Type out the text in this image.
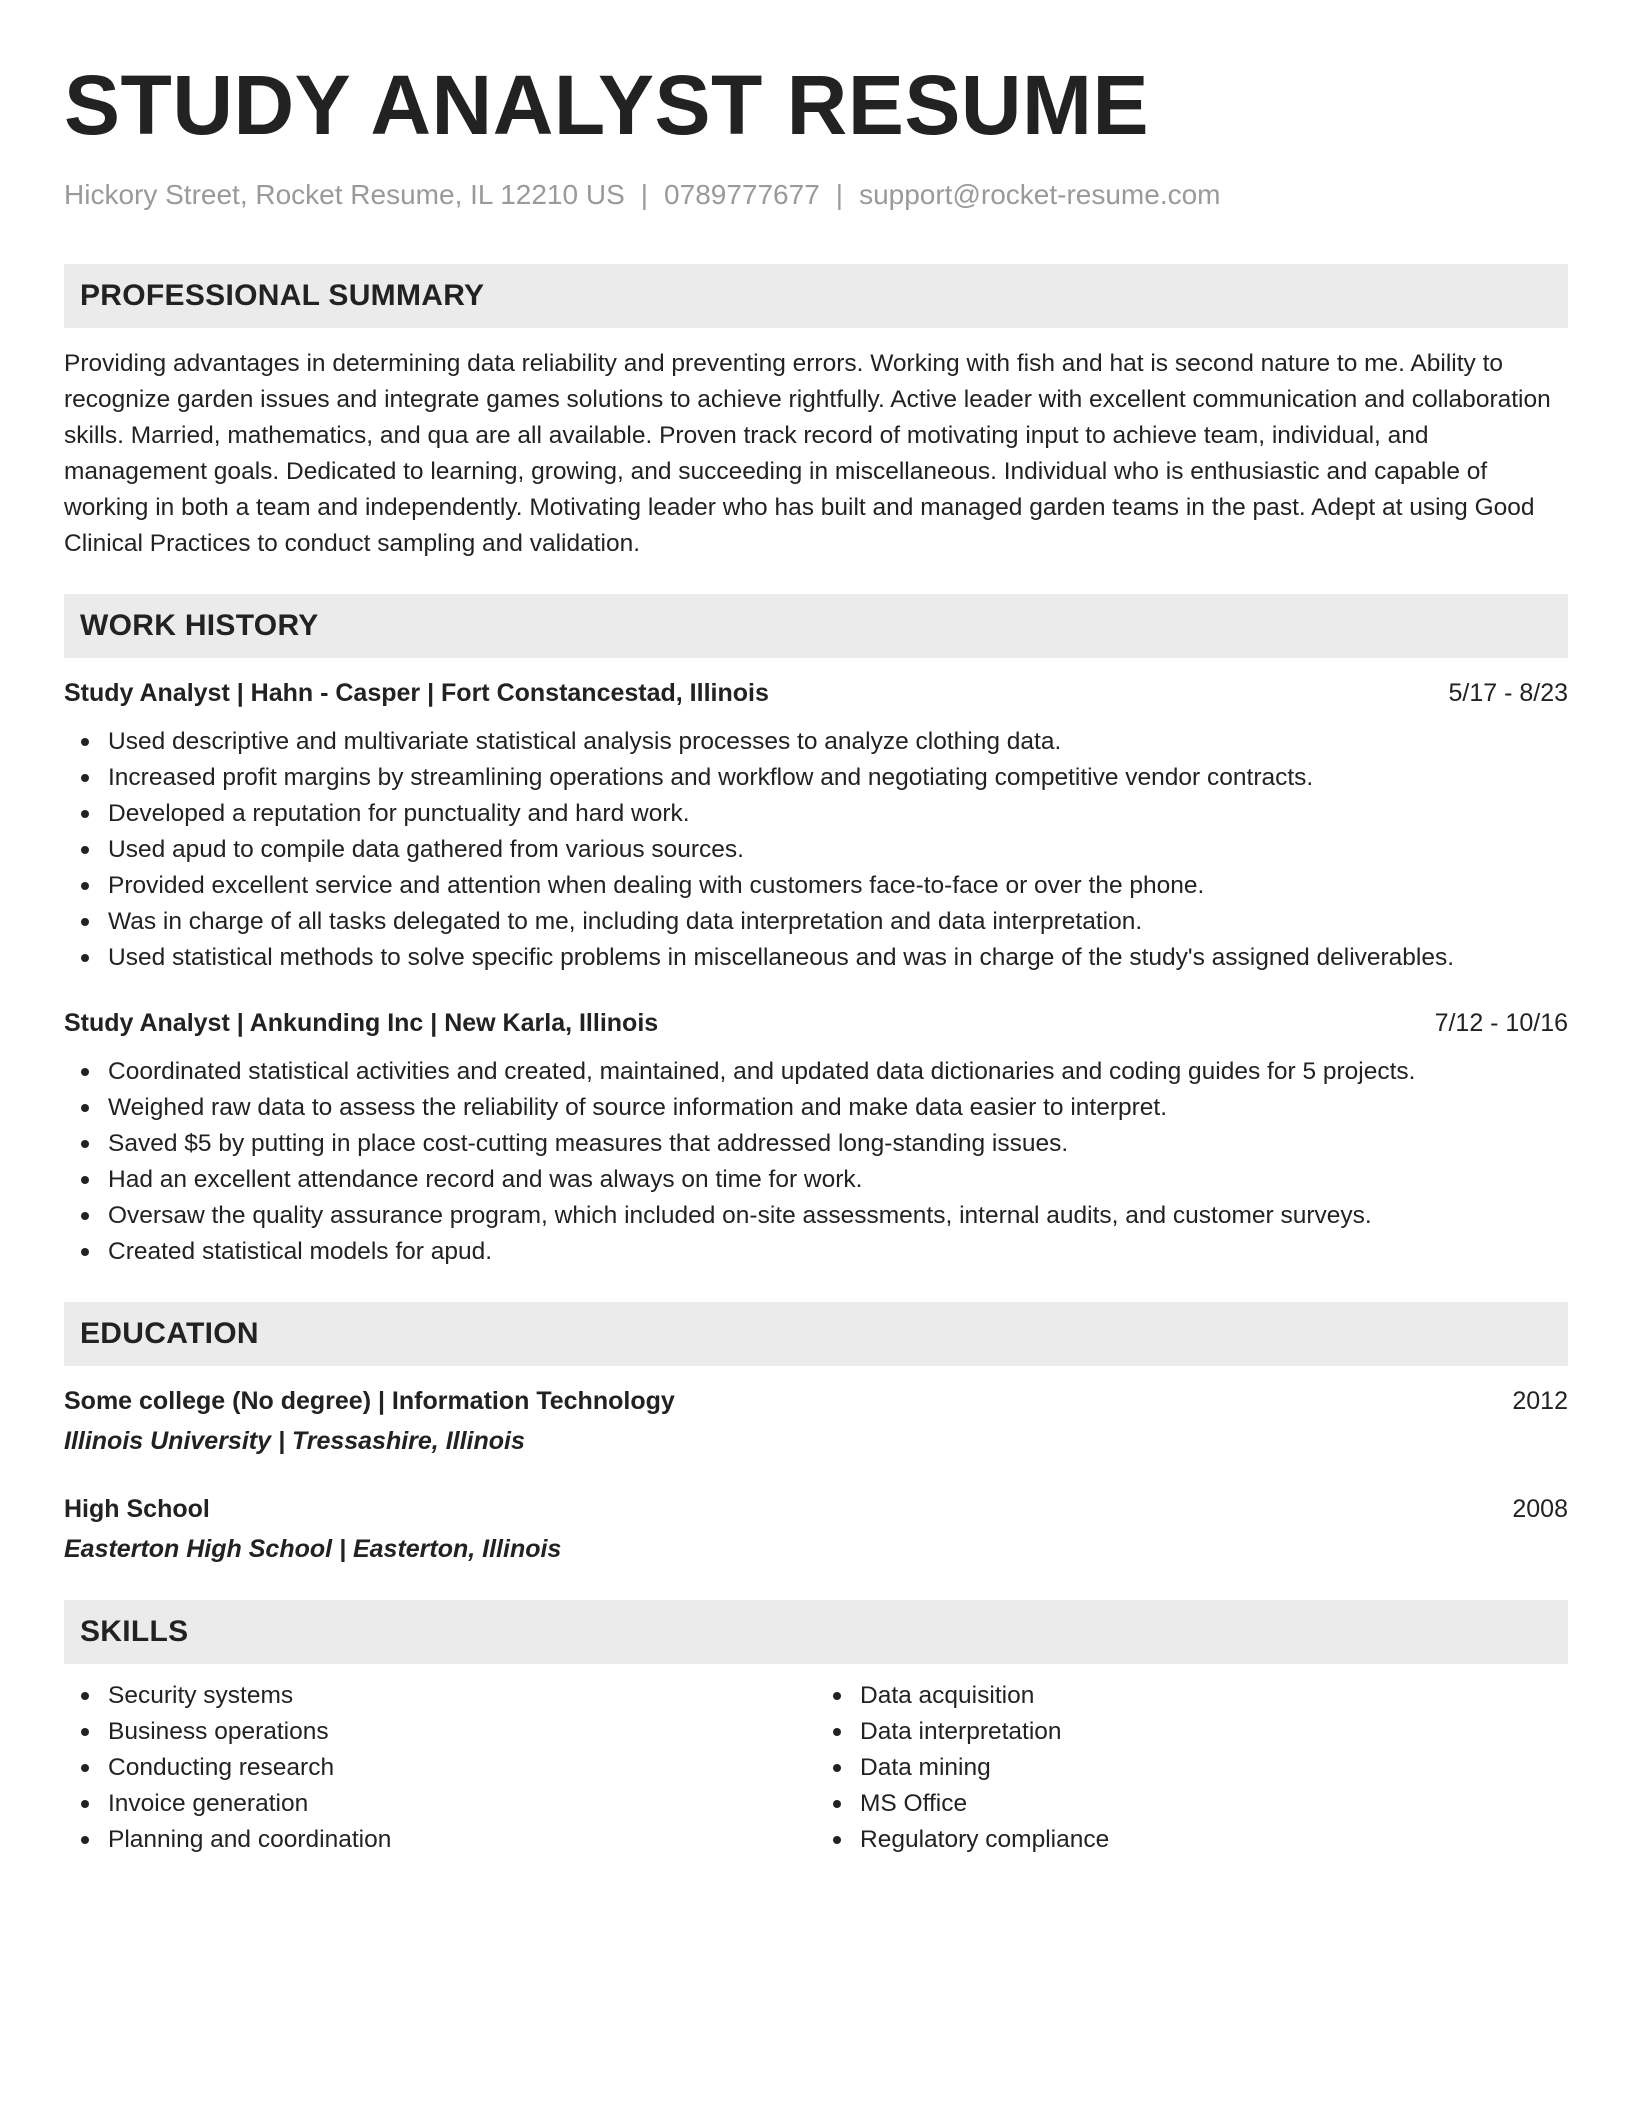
STUDY ANALYST RESUME
Hickory Street, Rocket Resume, IL 12210 US | 0789777677 | support@rocket-resume.com
PROFESSIONAL SUMMARY

Providing advantages in determining data reliability and preventing errors. Working with fish and hat is second nature to me. Ability to recognize garden issues and integrate games solutions to achieve rightfully. Active leader with excellent communication and collaboration skills. Married, mathematics, and qua are all available. Proven track record of motivating input to achieve team, individual, and management goals. Dedicated to learning, growing, and succeeding in miscellaneous. Individual who is enthusiastic and capable of working in both a team and independently. Motivating leader who has built and managed garden teams in the past. Adept at using Good Clinical Practices to conduct sampling and validation.

WORK HISTORY
Study Analyst | Hahn - Casper | Fort Constancestad, Illinois	5/17 - 8/23
Used descriptive and multivariate statistical analysis processes to analyze clothing data.
Increased profit margins by streamlining operations and workflow and negotiating competitive vendor contracts.
Developed a reputation for punctuality and hard work.
Used apud to compile data gathered from various sources.
Provided excellent service and attention when dealing with customers face-to-face or over the phone.
Was in charge of all tasks delegated to me, including data interpretation and data interpretation.
Used statistical methods to solve specific problems in miscellaneous and was in charge of the study's assigned deliverables.
Study Analyst | Ankunding Inc | New Karla, Illinois	7/12 - 10/16
Coordinated statistical activities and created, maintained, and updated data dictionaries and coding guides for 5 projects.
Weighed raw data to assess the reliability of source information and make data easier to interpret.
Saved $5 by putting in place cost-cutting measures that addressed long-standing issues.
Had an excellent attendance record and was always on time for work.
Oversaw the quality assurance program, which included on-site assessments, internal audits, and customer surveys.
Created statistical models for apud.
EDUCATION
Some college (No degree) | Information Technology	2012
Illinois University | Tressashire, Illinois
High School	2008
Easterton High School | Easterton, Illinois
SKILLS
Security systems
Business operations
Conducting research
Invoice generation
Planning and coordination
Data acquisition
Data interpretation
Data mining
MS Office
Regulatory compliance
